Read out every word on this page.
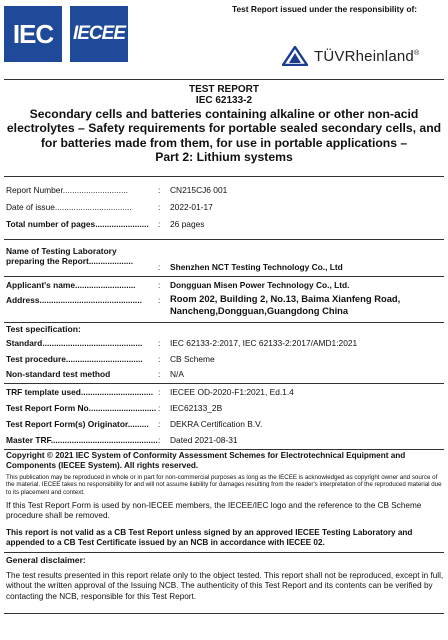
IEC IECEE
Test Report issued under the responsibility of:
TÜVRheinland®
TEST REPORT
IEC 62133-2
Secondary cells and batteries containing alkaline or other non-acid electrolytes – Safety requirements for portable sealed secondary cells, and for batteries made from them, for use in portable applications –
Part 2: Lithium systems
Report Number............................	: CN215CJ6 001
Date of issue.................................	: 2022-01-17
Total number of pages....................... : 26 pages
Name of Testing Laboratory
preparing the Report...................
: Shenzhen NCT Testing Technology Co., Ltd
Applicant's name..........................	: Dongguan Misen Power Technology Co., Ltd.
Address............................................ : Room 202, Building 2, No.13, Baima Xianfeng Road,
Nancheng,Dongguan,Guangdong China
Test specification:
Standard........................................... : IEC 62133-2:2017, IEC 62133-2:2017/AMD1:2021
Test procedure................................. : CB Scheme
Non-standard test method	: N/A
TRF template used............................... : IECEE OD-2020-F1:2021, Ed.1.4
Test Report Form No............................. : IEC62133_2B
Test Report Form(s) Originator......... : DEKRA Certification B.V.
Master TRF.............................................. : Dated 2021-08-31
Copyright © 2021 IEC System of Conformity Assessment Schemes for Electrotechnical Equipment and Components (IECEE System). All rights reserved.
This publication may be reproduced in whole or in part for non-commercial purposes as long as the IECEE is acknowledged as copyright owner and source of the material. IECEE takes no responsibility for and will not assume liability for damages resulting from the reader's interpretation of the reproduced material due to its placement and context.
If this Test Report Form is used by non-IECEE members, the IECEE/IEC logo and the reference to the CB Scheme procedure shall be removed.
This report is not valid as a CB Test Report unless signed by an approved IECEE Testing Laboratory and appended to a CB Test Certificate issued by an NCB in accordance with IECEE 02.
General disclaimer:
The test results presented in this report relate only to the object tested. This report shall not be reproduced, except in full, without the written approval of the Issuing NCB. The authenticity of this Test Report and its contents can be verified by contacting the NCB, responsible for this Test Report.
